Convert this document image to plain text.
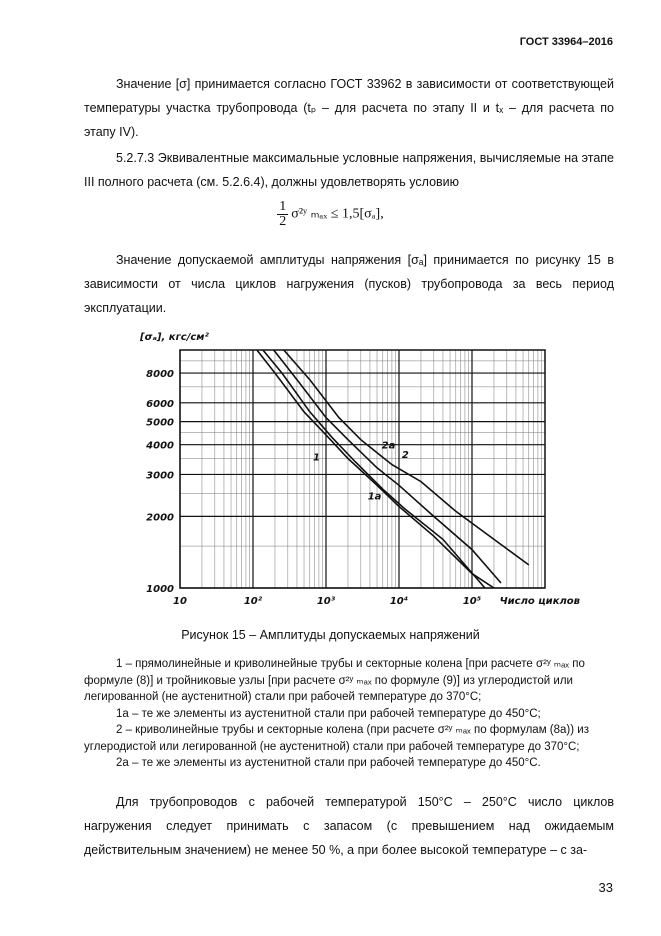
ГОСТ 33964–2016

Значение [σ] принимается согласно ГОСТ 33962 в зависимости от соответствующей температуры участка трубопровода (tₚ – для расчета по этапу II и tₓ – для расчета по этапу IV).

5.2.7.3 Эквивалентные максимальные условные напряжения, вычисляемые на этапе III полного расчета (см. 5.2.6.4), должны удовлетворять условию

$\frac{1}{2}$ σ²ʸ ₘₐₓ ≤ 1,5[σₐ],

Значение допускаемой амплитуды напряжения [σₐ] принимается по рисунку 15 в зависимости от числа циклов нагружения (пусков) трубопровода за весь период эксплуатации.

1000
2000
3000
4000
5000
6000
8000
10	10²	10³	10⁴	10⁵
[σₐ], кгс/см²
Число циклов
1a
1	2
2a
Рисунок 15 – Амплитуды допускаемых напряжений

1 – прямолинейные и криволинейные трубы и секторные колена [при расчете σ²ʸ ₘₐₓ по формуле (8)] и тройниковые узлы [при расчете σ²ʸ ₘₐₓ по формуле (9)] из углеродистой или легированной (не аустенитной) стали при рабочей температуре до 370°С;

1а – те же элементы из аустенитной стали при рабочей температуре до 450°С;

2 – криволинейные трубы и секторные колена (при расчете σ²ʸ ₘₐₓ по формулам (8а)) из углеродистой или легированной (не аустенитной) стали при рабочей температуре до 370°С;

2а – те же элементы из аустенитной стали при рабочей температуре до 450°С.

Для трубопроводов с рабочей температурой 150°С – 250°С число циклов нагружения следует принимать с запасом (с превышением над ожидаемым действительным значением) не менее 50 %, а при более высокой температуре – с за-

33
